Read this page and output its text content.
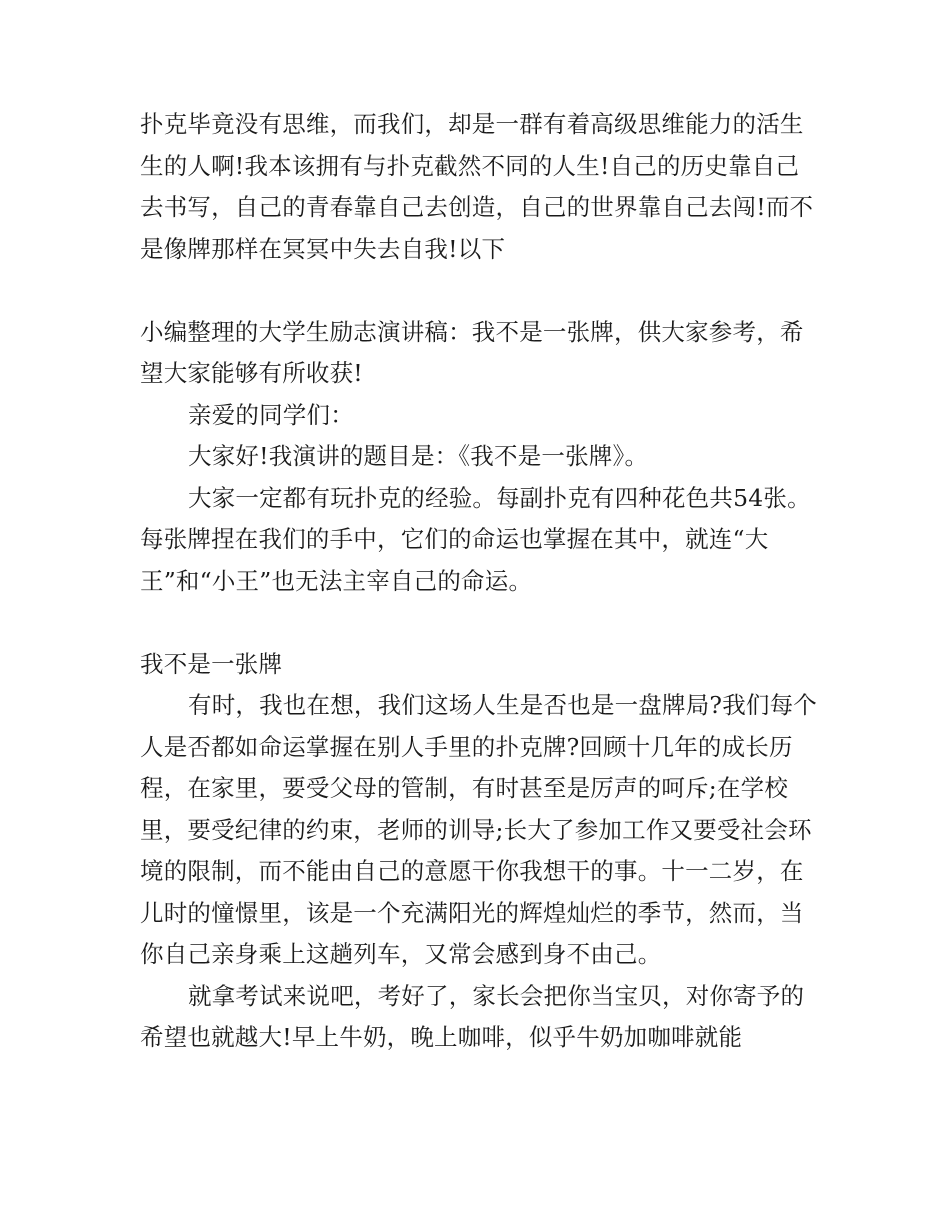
扑克毕竟没有思维，而我们，却是一群有着高级思维能力的活生生的人啊!我本该拥有与扑克截然不同的人生!自己的历史靠自己去书写，自己的青春靠自己去创造，自己的世界靠自己去闯!而不是像牌那样在冥冥中失去自我!以下

小编整理的大学生励志演讲稿：我不是一张牌，供大家参考，希望大家能够有所收获!

亲爱的同学们：

大家好!我演讲的题目是：《我不是一张牌》。

大家一定都有玩扑克的经验。每副扑克有四种花色共54张。每张牌捏在我们的手中，它们的命运也掌握在其中，就连“大王”和“小王”也无法主宰自己的命运。

我不是一张牌

有时，我也在想，我们这场人生是否也是一盘牌局?我们每个人是否都如命运掌握在别人手里的扑克牌?回顾十几年的成长历程，在家里，要受父母的管制，有时甚至是厉声的呵斥;在学校里，要受纪律的约束，老师的训导;长大了参加工作又要受社会环境的限制，而不能由自己的意愿干你我想干的事。十一二岁，在儿时的憧憬里，该是一个充满阳光的辉煌灿烂的季节，然而，当你自己亲身乘上这趟列车，又常会感到身不由己。

就拿考试来说吧，考好了，家长会把你当宝贝，对你寄予的希望也就越大!早上牛奶，晚上咖啡，似乎牛奶加咖啡就能
